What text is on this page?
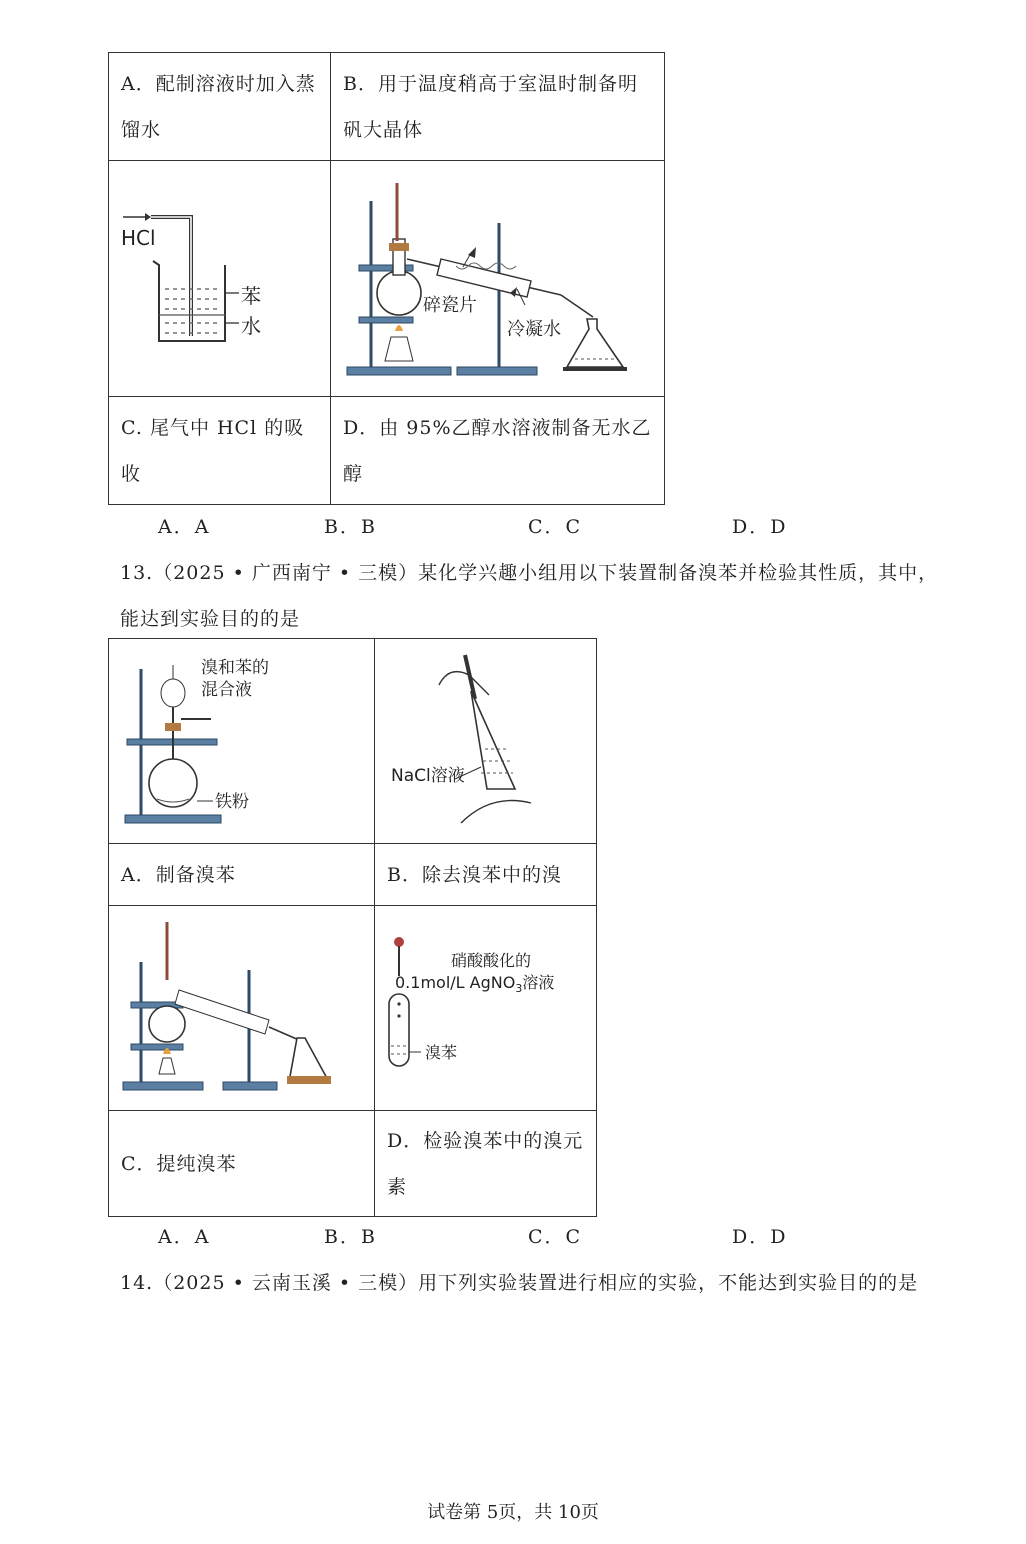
A．配制溶液时加入蒸馏水	B．用于温度稍高于室温时制备明矾大晶体

HCl
苯
水	碎瓷片
冷凝水

C. 尾气中 HCl 的吸收	D．由 95%乙醇水溶液制备无水乙醇
A．A	B．B	C．C	D．D
13.（2025 • 广西南宁 • 三模）某化学兴趣小组用以下装置制备溴苯并检验其性质，其中，
能达到实验目的的是
溴和苯的
混合液
铁粉	NaCl溶液

A．制备溴苯	B．除去溴苯中的溴

硝酸酸化的
0.1mol/L AgNO$_3$溶液
溴苯

C．提纯溴苯	D．检验溴苯中的溴元素
A．A	B．B	C．C	D．D
14.（2025 • 云南玉溪 • 三模）用下列实验装置进行相应的实验，不能达到实验目的的是
试卷第 5页，共 10页
